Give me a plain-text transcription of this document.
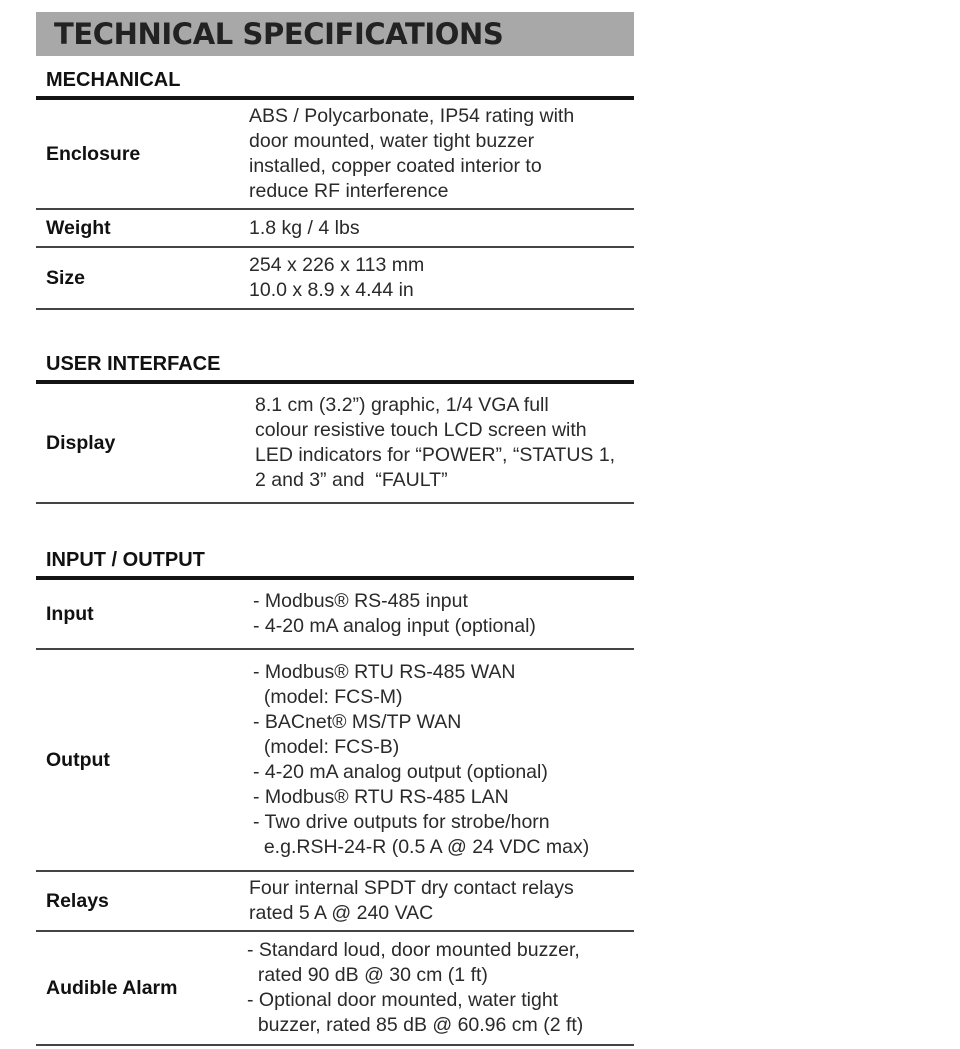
TECHNICAL SPECIFICATIONS
MECHANICAL
Enclosure
ABS / Polycarbonate, IP54 rating with
door mounted, water tight buzzer
installed, copper coated interior to
reduce RF interference
Weight	1.8 kg / 4 lbs
Size
254 x 226 x 113 mm
10.0 x 8.9 x 4.44 in
USER INTERFACE
Display
8.1 cm (3.2”) graphic, 1/4 VGA full
colour resistive touch LCD screen with
LED indicators for “POWER”, “STATUS 1,
2 and 3” and  “FAULT”
INPUT / OUTPUT
Input
- Modbus® RS-485 input
- 4-20 mA analog input (optional)
Output
- Modbus® RTU RS-485 WAN
(model: FCS-M)
- BACnet® MS/TP WAN
(model: FCS-B)
- 4-20 mA analog output (optional)
- Modbus® RTU RS-485 LAN
- Two drive outputs for strobe/horn
e.g.RSH-24-R (0.5 A @ 24 VDC max)
Relays
Four internal SPDT dry contact relays
rated 5 A @ 240 VAC
Audible Alarm
- Standard loud, door mounted buzzer,
rated 90 dB @ 30 cm (1 ft)
- Optional door mounted, water tight
buzzer, rated 85 dB @ 60.96 cm (2 ft)
